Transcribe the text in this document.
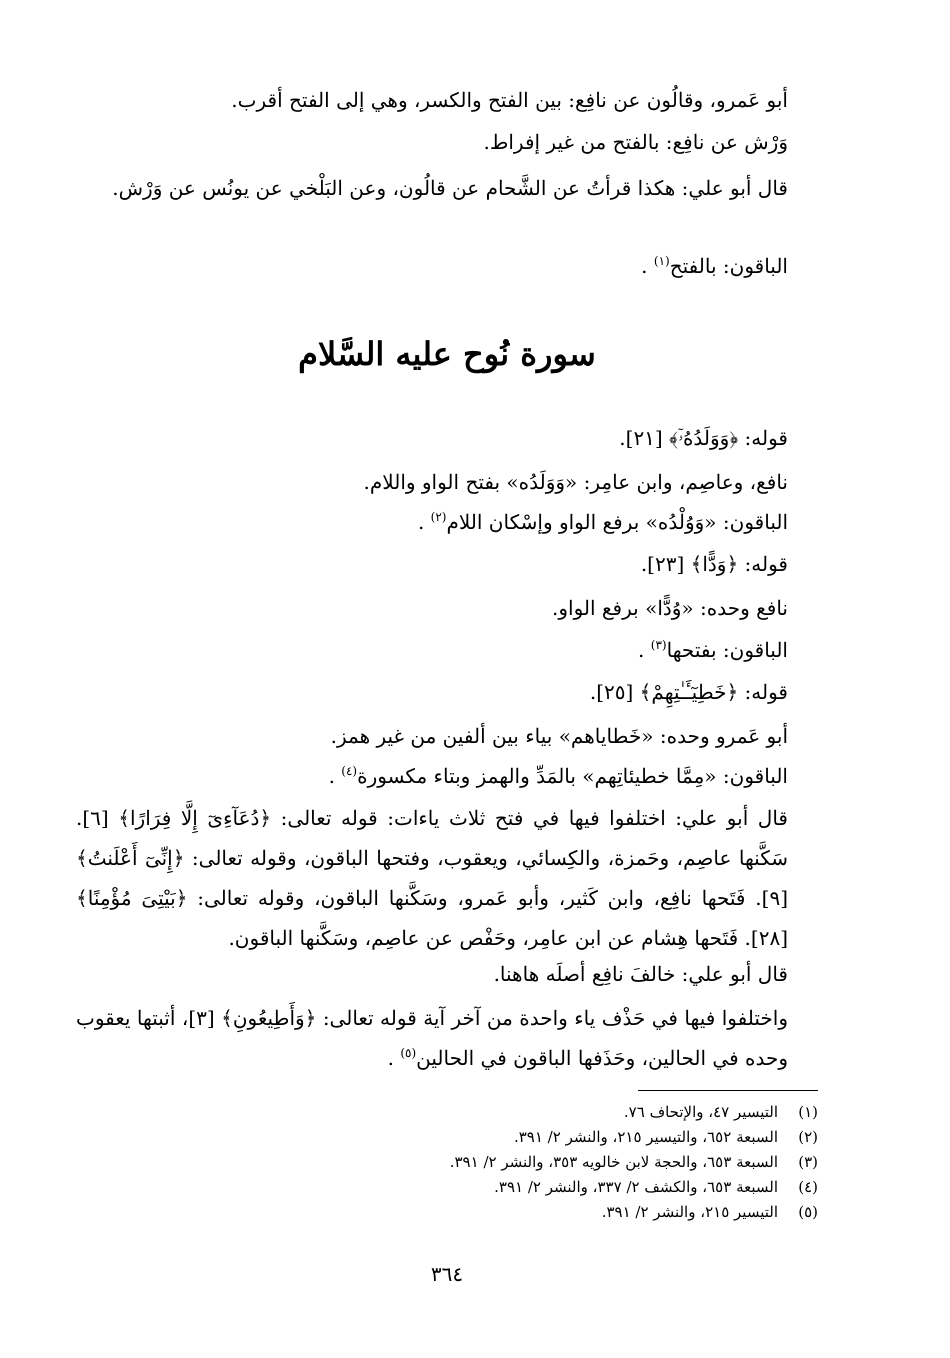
أبو عَمرو، وقالُون عن نافِع: بين الفتح والكسر، وهي إلى الفتح أقرب.
وَرْش عن نافِع: بالفتح من غير إفراط.
قال أبو علي: هكذا قرأتُ عن الشَّحام عن قالُون، وعن البَلْخي عن يونُس عن وَرْش.
الباقون: بالفتح$^{(١)}$ .
سورة نُوح عليه السَّلام
قوله: ﴿وَوَلَدُهُۥٓ﴾ [٢١].
نافع، وعاصِم، وابن عامِر: «وَوَلَدُه» بفتح الواو واللام.
الباقون: «وَوُلْدُه» برفع الواو وإسْكان اللام$^{(٢)}$ .
قوله: ﴿وَدًّا﴾ [٢٣].
نافع وحده: «وُدًّا» برفع الواو.
الباقون: بفتحها$^{(٣)}$ .
قوله: ﴿خَطِيٓـَٔـٰتِهِمْ﴾ [٢٥].
أبو عَمرو وحده: «خَطاياهم» بياء بين ألفين من غير همز.
الباقون: «مِمَّا خطيئاتِهم» بالمَدِّ والهمز وبتاء مكسورة$^{(٤)}$ .
قال أبو علي: اختلفوا فيها في فتح ثلاث ياءات: قوله تعالى: ﴿دُعَآءِىٓ إِلَّا فِرَارًا﴾ [٦]. سَكَّنها عاصِم، وحَمزة، والكِسائي، ويعقوب، وفتحها الباقون، وقوله تعالى: ﴿إِنِّىٓ أَعْلَنتُ﴾ [٩]. فَتَحها نافِع، وابن كَثير، وأبو عَمرو، وسَكَّنها الباقون، وقوله تعالى: ﴿بَيْتِىَ مُؤْمِنًا﴾ [٢٨]. فَتَحها هِشام عن ابن عامِر، وحَفْص عن عاصِم، وسَكَّنها الباقون.
قال أبو علي: خالفَ نافِع أصلَه هاهنا.
واختلفوا فيها في حَذْف ياء واحدة من آخر آية قوله تعالى: ﴿وَأَطِيعُونِ﴾ [٣]، أثبتها يعقوب وحده في الحالين، وحَذَفها الباقون في الحالين$^{(٥)}$ .
(١)التيسير ٤٧، والإتحاف ٧٦.
(٢)السبعة ٦٥٢، والتيسير ٢١٥، والنشر ٢/ ٣٩١.
(٣)السبعة ٦٥٣، والحجة لابن خالويه ٣٥٣، والنشر ٢/ ٣٩١.
(٤)السبعة ٦٥٣، والكشف ٢/ ٣٣٧، والنشر ٢/ ٣٩١.
(٥)التيسير ٢١٥، والنشر ٢/ ٣٩١.
٣٦٤
